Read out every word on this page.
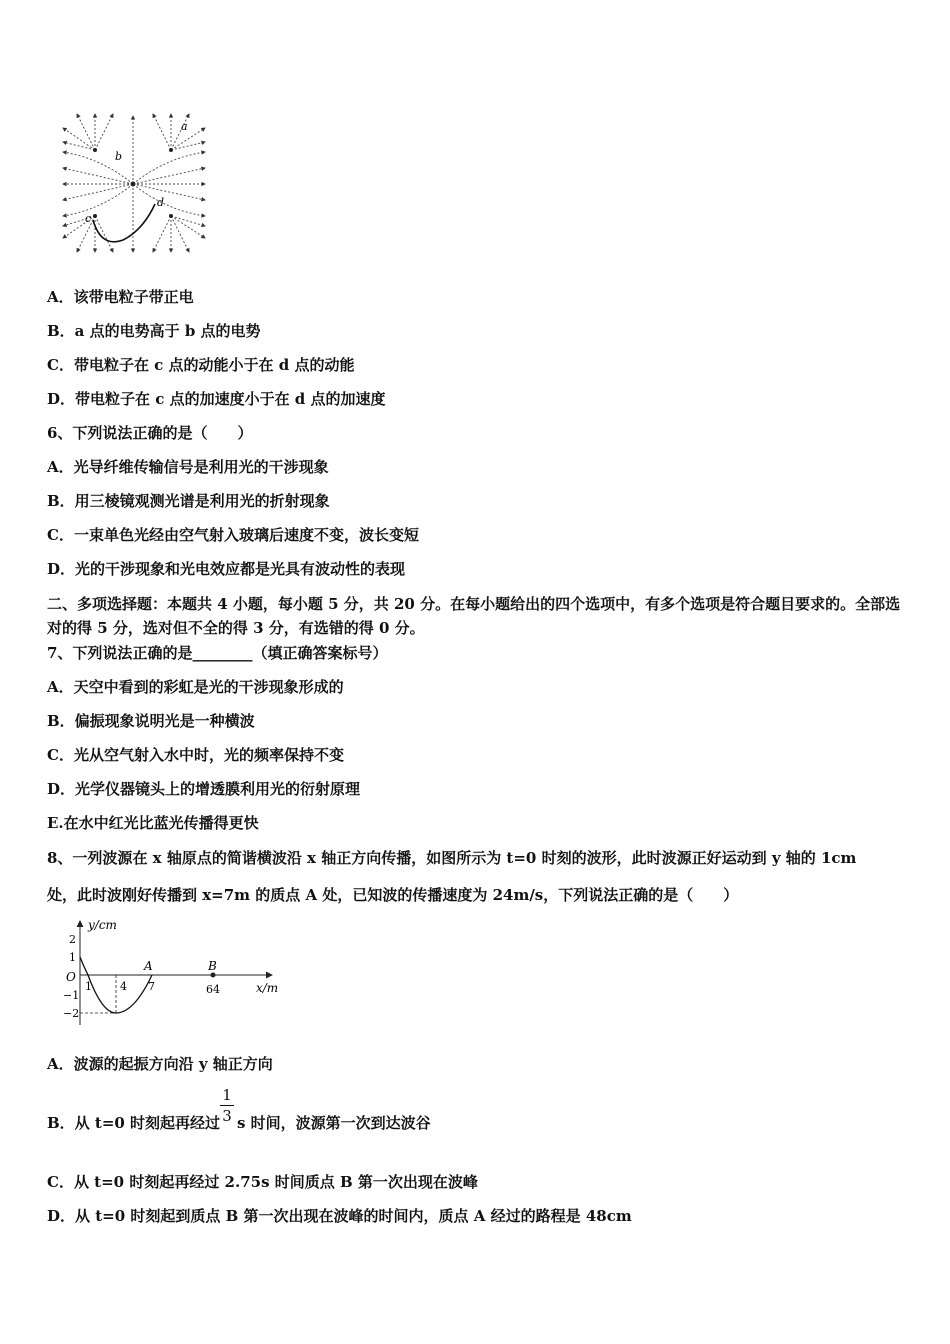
a
b
c
d
A．该带电粒子带正电
B．a 点的电势高于 b 点的电势
C．带电粒子在 c 点的动能小于在 d 点的动能
D．带电粒子在 c 点的加速度小于在 d 点的加速度
6、下列说法正确的是（　　）
A．光导纤维传输信号是利用光的干涉现象
B．用三棱镜观测光谱是利用光的折射现象
C．一束单色光经由空气射入玻璃后速度不变，波长变短
D．光的干涉现象和光电效应都是光具有波动性的表现
二、多项选择题：本题共 4 小题，每小题 5 分，共 20 分。在每小题给出的四个选项中，有多个选项是符合题目要求的。全部选对的得 5 分，选对但不全的得 3 分，有选错的得 0 分。
7、下列说法正确的是________（填正确答案标号）
A．天空中看到的彩虹是光的干涉现象形成的
B．偏振现象说明光是一种横波
C．光从空气射入水中时，光的频率保持不变
D．光学仪器镜头上的增透膜利用光的衍射原理
E.在水中红光比蓝光传播得更快
8、一列波源在 x 轴原点的简谐横波沿 x 轴正方向传播，如图所示为 t=0 时刻的波形，此时波源正好运动到 y 轴的 1cm
处，此时波刚好传播到 x=7m 的质点 A 处，已知波的传播速度为 24m/s，下列说法正确的是（　　）
y/cm
x/m
O
2
1
−1
−2
1	4 7
A	B
64
A．波源的起振方向沿 y 轴正方向
B．从 t=0 时刻起再经过
1
3 s 时间，波源第一次到达波谷
C．从 t=0 时刻起再经过 2.75s 时间质点 B 第一次出现在波峰
D．从 t=0 时刻起到质点 B 第一次出现在波峰的时间内，质点 A 经过的路程是 48cm
